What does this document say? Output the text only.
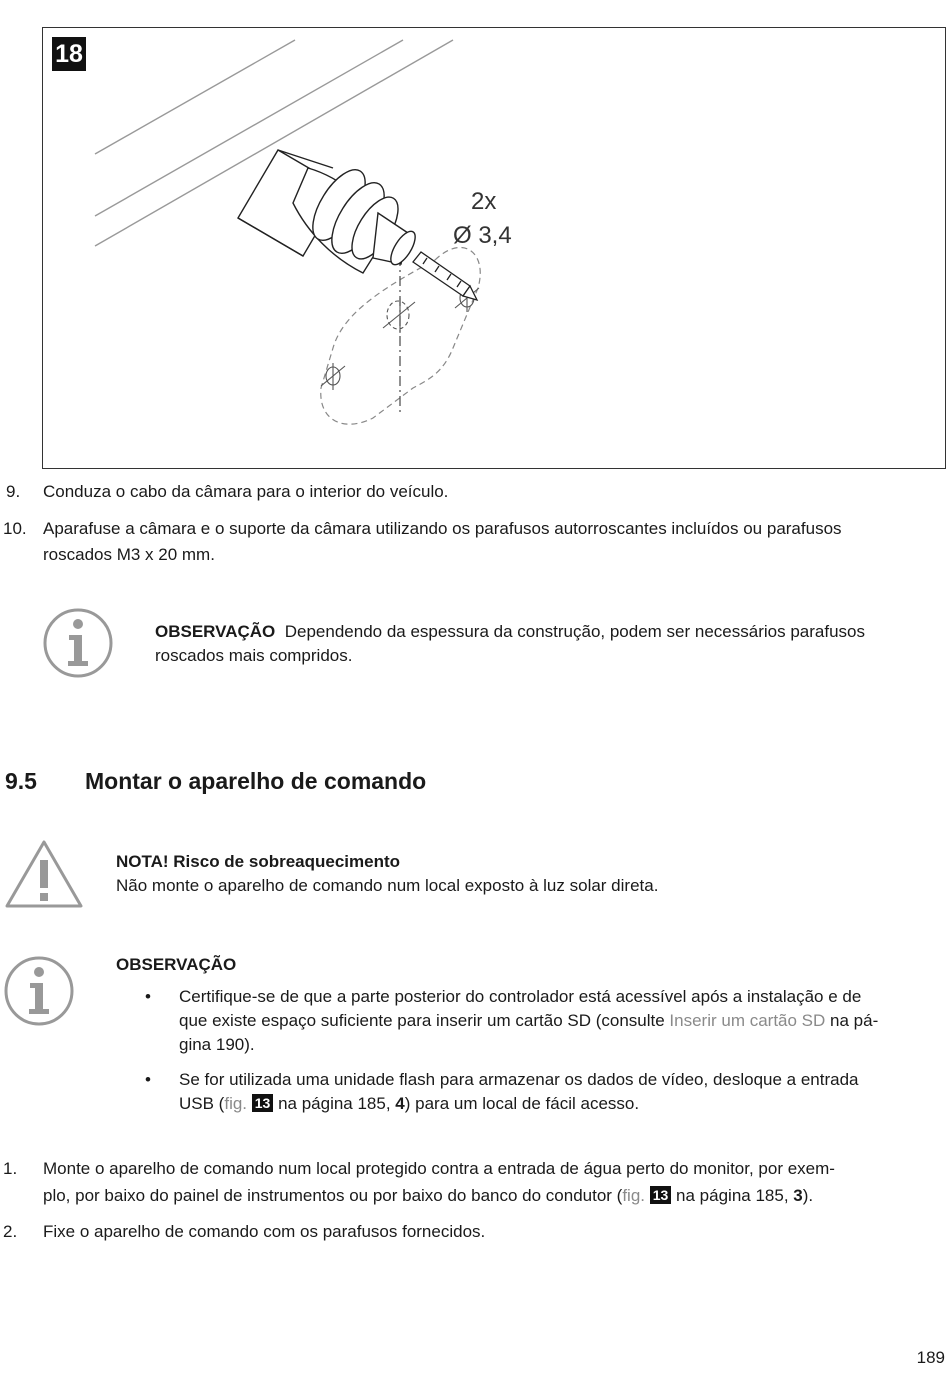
2x
Ø 3,4
18
9. Conduza o cabo da câmara para o interior do veículo.
10. Aparafuse a câmara e o suporte da câmara utilizando os parafusos autorroscantes incluídos ou parafusos
roscados M3 x 20 mm.
OBSERVAÇÃO Dependendo da espessura da construção, podem ser necessários parafusos
roscados mais compridos.
9.5 Montar o aparelho de comando
NOTA! Risco de sobreaquecimento
Não monte o aparelho de comando num local exposto à luz solar direta.
OBSERVAÇÃO
• Certifique-se de que a parte posterior do controlador está acessível após a instalação e de
que existe espaço suficiente para inserir um cartão SD (consulte Inserir um cartão SD na pá-
gina 190).
• Se for utilizada uma unidade flash para armazenar os dados de vídeo, desloque a entrada
USB (fig. 13 na página 185, 4) para um local de fácil acesso.
1. Monte o aparelho de comando num local protegido contra a entrada de água perto do monitor, por exem-
plo, por baixo do painel de instrumentos ou por baixo do banco do condutor (fig. 13 na página 185, 3).
2. Fixe o aparelho de comando com os parafusos fornecidos.
189
